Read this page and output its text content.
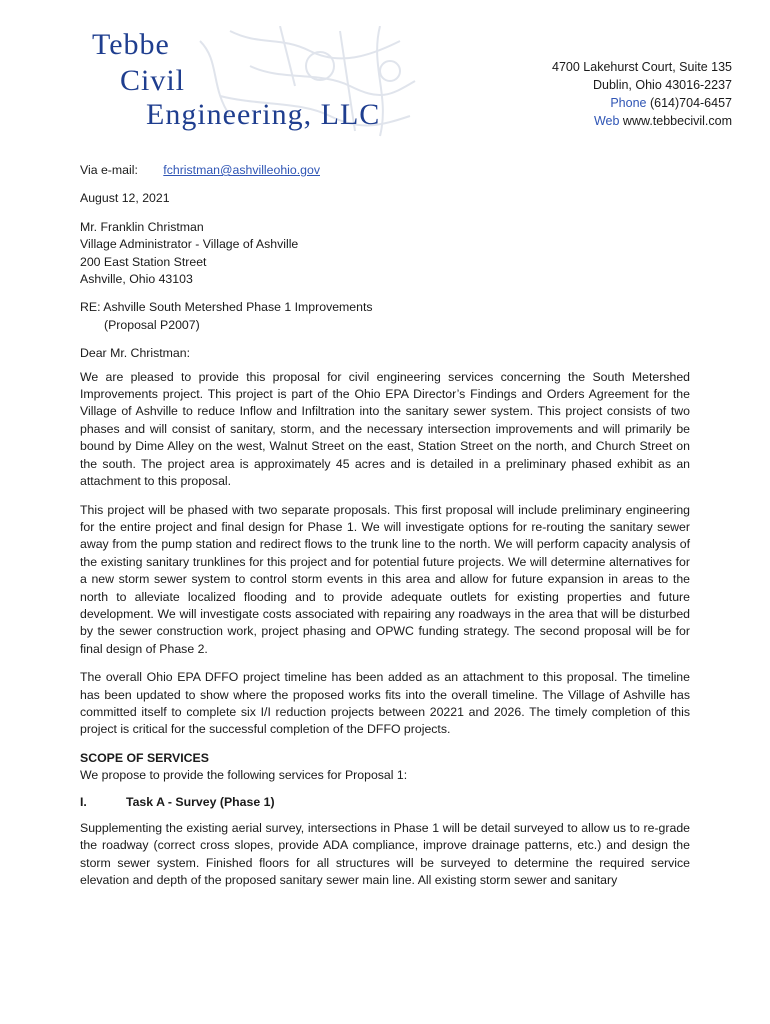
Tebbe
Civil
Engineering, LLC
4700 Lakehurst Court, Suite 135
Dublin, Ohio 43016-2237
Phone (614)704-6457
Web www.tebbecivil.com
Via e-mail: fchristman@ashvilleohio.gov
August 12, 2021
Mr. Franklin Christman
Village Administrator - Village of Ashville
200 East Station Street
Ashville, Ohio 43103
RE: Ashville South Metershed Phase 1 Improvements
(Proposal P2007)
Dear Mr. Christman:

We are pleased to provide this proposal for civil engineering services concerning the South Metershed Improvements project. This project is part of the Ohio EPA Director’s Findings and Orders Agreement for the Village of Ashville to reduce Inflow and Infiltration into the sanitary sewer system. This project consists of two phases and will consist of sanitary, storm, and the necessary intersection improvements and will primarily be bound by Dime Alley on the west, Walnut Street on the east, Station Street on the north, and Church Street on the south. The project area is approximately 45 acres and is detailed in a preliminary phased exhibit as an attachment to this proposal.

This project will be phased with two separate proposals. This first proposal will include preliminary engineering for the entire project and final design for Phase 1. We will investigate options for re-routing the sanitary sewer away from the pump station and redirect flows to the trunk line to the north. We will perform capacity analysis of the existing sanitary trunklines for this project and for potential future projects. We will determine alternatives for a new storm sewer system to control storm events in this area and allow for future expansion in areas to the north to alleviate localized flooding and to provide adequate outlets for existing properties and future development. We will investigate costs associated with repairing any roadways in the area that will be disturbed by the sewer construction work, project phasing and OPWC funding strategy. The second proposal will be for final design of Phase 2.

The overall Ohio EPA DFFO project timeline has been added as an attachment to this proposal. The timeline has been updated to show where the proposed works fits into the overall timeline. The Village of Ashville has committed itself to complete six I/I reduction projects between 20221 and 2026. The timely completion of this project is critical for the successful completion of the DFFO projects.

SCOPE OF SERVICES
We propose to provide the following services for Proposal 1:
I.	Task A - Survey (Phase 1)

Supplementing the existing aerial survey, intersections in Phase 1 will be detail surveyed to allow us to re-grade the roadway (correct cross slopes, provide ADA compliance, improve drainage patterns, etc.) and design the storm sewer system. Finished floors for all structures will be surveyed to determine the required service elevation and depth of the proposed sanitary sewer main line. All existing storm sewer and sanitary
